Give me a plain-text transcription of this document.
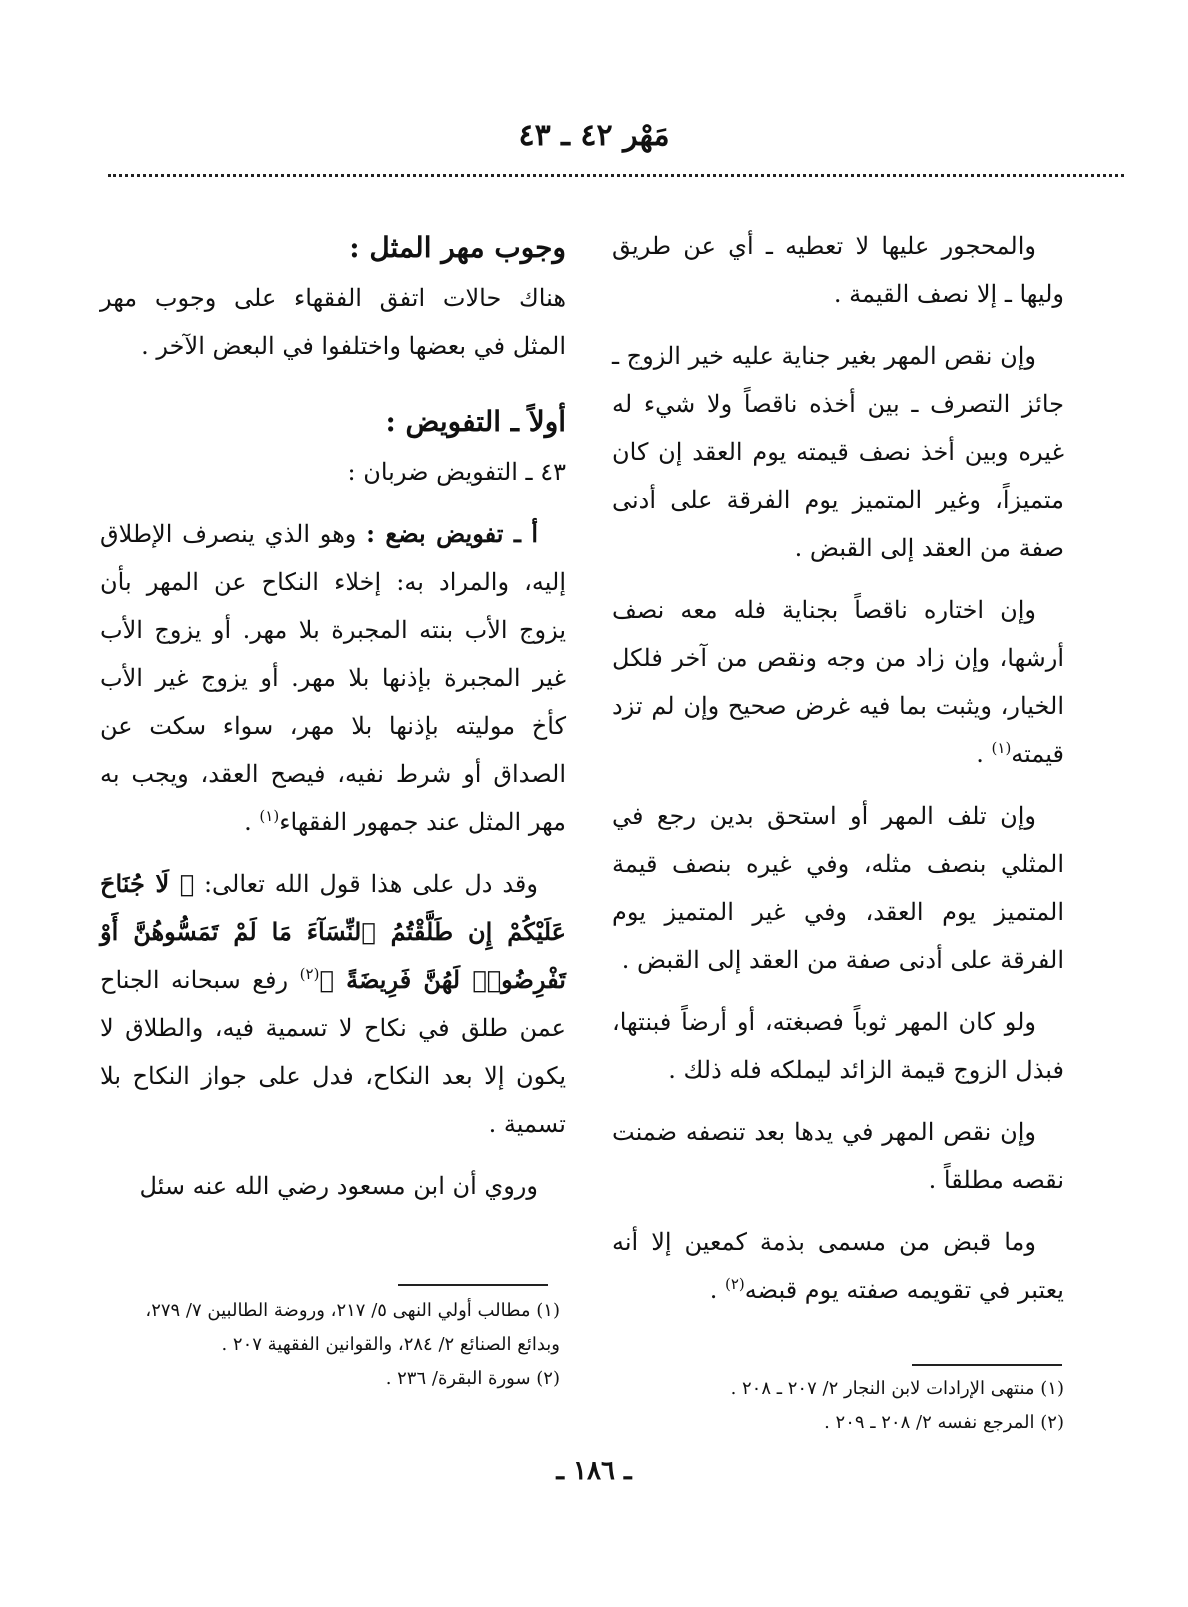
مَهْر ٤٢ ـ ٤٣

والمحجور عليها لا تعطيه ـ أي عن طريق وليها ـ إلا نصف القيمة .

وإن نقص المهر بغير جناية عليه خير الزوج ـ جائز التصرف ـ بين أخذه ناقصاً ولا شيء له غيره وبين أخذ نصف قيمته يوم العقد إن كان متميزاً، وغير المتميز يوم الفرقة على أدنى صفة من العقد إلى القبض .

وإن اختاره ناقصاً بجناية فله معه نصف أرشها، وإن زاد من وجه ونقص من آخر فلكل الخيار، ويثبت بما فيه غرض صحيح وإن لم تزد قيمته$^{(١)}$ .

وإن تلف المهر أو استحق بدين رجع في المثلي بنصف مثله، وفي غيره بنصف قيمة المتميز يوم العقد، وفي غير المتميز يوم الفرقة على أدنى صفة من العقد إلى القبض .

ولو كان المهر ثوباً فصبغته، أو أرضاً فبنتها، فبذل الزوج قيمة الزائد ليملكه فله ذلك .

وإن نقص المهر في يدها بعد تنصفه ضمنت نقصه مطلقاً .

وما قبض من مسمى بذمة كمعين إلا أنه يعتبر في تقويمه صفته يوم قبضه$^{(٢)}$ .

وجوب مهر المثل :

هناك حالات اتفق الفقهاء على وجوب مهر المثل في بعضها واختلفوا في البعض الآخر .

أولاً ـ التفويض :

٤٣ ـ التفويض ضربان :

أ ـ تفويض بضع : وهو الذي ينصرف الإطلاق إليه، والمراد به: إخلاء النكاح عن المهر بأن يزوج الأب بنته المجبرة بلا مهر. أو يزوج الأب غير المجبرة بإذنها بلا مهر. أو يزوج غير الأب كأخ موليته بإذنها بلا مهر، سواء سكت عن الصداق أو شرط نفيه، فيصح العقد، ويجب به مهر المثل عند جمهور الفقهاء$^{(١)}$ .

وقد دل على هذا قول الله تعالى: ﴿ لَا جُنَاحَ عَلَيْكُمْ إِن طَلَّقْتُمُ ٱلنِّسَآءَ مَا لَمْ تَمَسُّوهُنَّ أَوْ تَفْرِضُوا۟ لَهُنَّ فَرِيضَةً ﴾$^{(٢)}$ رفع سبحانه الجناح عمن طلق في نكاح لا تسمية فيه، والطلاق لا يكون إلا بعد النكاح، فدل على جواز النكاح بلا تسمية .

وروي أن ابن مسعود رضي الله عنه سئل

(١) مطالب أولي النهى ٥/ ٢١٧، وروضة الطالبين ٧/ ٢٧٩، وبدائع الصنائع ٢/ ٢٨٤، والقوانين الفقهية ٢٠٧ .
(٢) سورة البقرة/ ٢٣٦ .	(١) منتهى الإرادات لابن النجار ٢/ ٢٠٧ ـ ٢٠٨ .
(٢) المرجع نفسه ٢/ ٢٠٨ ـ ٢٠٩ .
ـ ١٨٦ ـ
